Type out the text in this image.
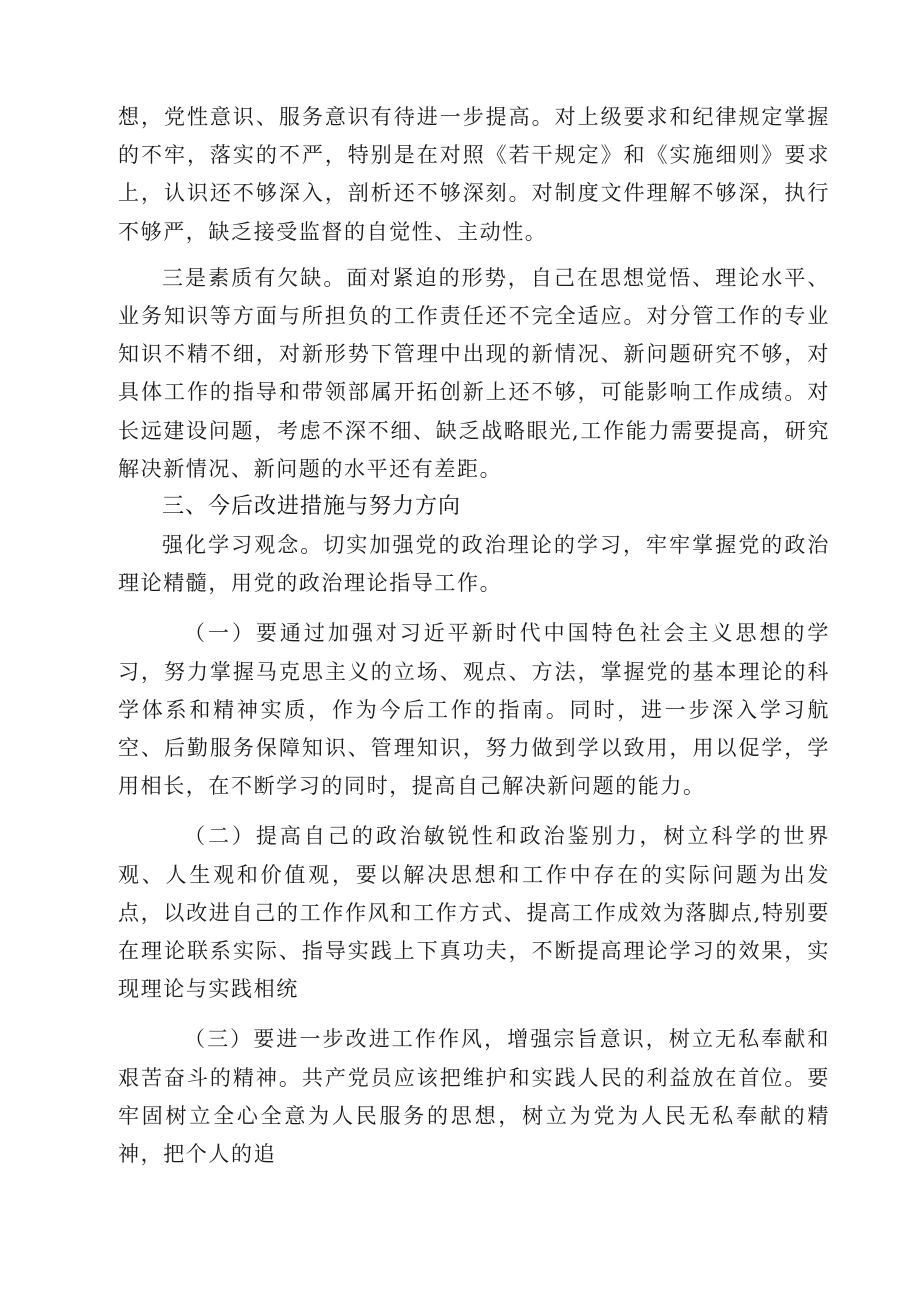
想，党性意识、服务意识有待进一步提高。对上级要求和纪律规定掌握的不牢，落实的不严，特别是在对照《若干规定》和《实施细则》要求上，认识还不够深入，剖析还不够深刻。对制度文件理解不够深，执行不够严，缺乏接受监督的自觉性、主动性。

三是素质有欠缺。面对紧迫的形势，自己在思想觉悟、理论水平、业务知识等方面与所担负的工作责任还不完全适应。对分管工作的专业知识不精不细，对新形势下管理中出现的新情况、新问题研究不够，对具体工作的指导和带领部属开拓创新上还不够，可能影响工作成绩。对长远建设问题，考虑不深不细、缺乏战略眼光,工作能力需要提高，研究解决新情况、新问题的水平还有差距。

三、今后改进措施与努力方向

强化学习观念。切实加强党的政治理论的学习，牢牢掌握党的政治理论精髓，用党的政治理论指导工作。

（一）要通过加强对习近平新时代中国特色社会主义思想的学习，努力掌握马克思主义的立场、观点、方法，掌握党的基本理论的科学体系和精神实质，作为今后工作的指南。同时，进一步深入学习航空、后勤服务保障知识、管理知识，努力做到学以致用，用以促学，学用相长，在不断学习的同时，提高自己解决新问题的能力。

（二）提高自己的政治敏锐性和政治鉴别力，树立科学的世界观、人生观和价值观，要以解决思想和工作中存在的实际问题为出发点，以改进自己的工作作风和工作方式、提高工作成效为落脚点,特别要在理论联系实际、指导实践上下真功夫，不断提高理论学习的效果，实现理论与实践相统

（三）要进一步改进工作作风，增强宗旨意识，树立无私奉献和艰苦奋斗的精神。共产党员应该把维护和实践人民的利益放在首位。要牢固树立全心全意为人民服务的思想，树立为党为人民无私奉献的精神，把个人的追
